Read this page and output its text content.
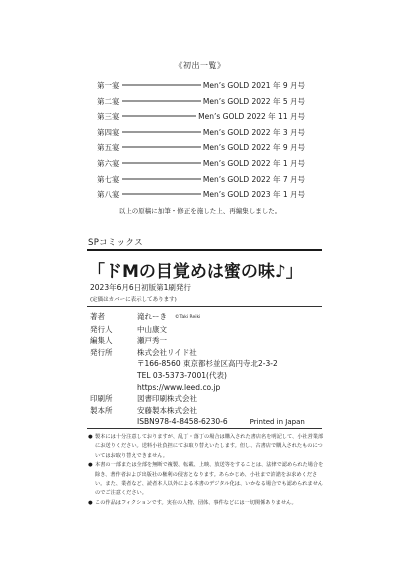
《初出一覧》
第一宴	Men’s GOLD 2021 年 9 月号
第二宴	Men’s GOLD 2022 年 5 月号
第三宴	Men’s GOLD 2022 年 11 月号
第四宴	Men’s GOLD 2022 年 3 月号
第五宴	Men’s GOLD 2022 年 9 月号
第六宴	Men’s GOLD 2022 年 1 月号
第七宴	Men’s GOLD 2022 年 7 月号
第八宴	Men’s GOLD 2023 年 1 月号
以上の原稿に加筆・修正を施した上、再編集しました。
SPコミックス
「ドMの目覚めは蜜の味♪」
2023年6月6日初版第1刷発行
(定価はカバーに表示してあります)
著者	滝れーき $^{©Taki Reiki}$
発行人	中山康文
編集人	瀬戸秀一
発行所	株式会社リイド社
〒166-8560 東京都杉並区高円寺北2-3-2
TEL 03-5373-7001(代表)
https://www.leed.co.jp
印刷所	図書印刷株式会社
製本所	安藤製本株式会社
ISBN978-4-8458-6230-6	Printed in Japan
● 製本には十分注意しておりますが、乱丁・落丁の場合は購入された書店名を明記して、小社営業部にお送りください。送料小社負担にてお取り替えいたします。但し、古書店で購入されたものについてはお取り替えできません。
● 本書の一部または全部を無断で複製、転載、上映、放送等をすることは、法律で認められた場合を除き、著作者および出版社の権利の侵害となります。あらかじめ、小社まで許諾をお求めください。また、業者など、読者本人以外による本書のデジタル化は、いかなる場合でも認められませんのでご注意ください。
● この作品はフィクションです。実在の人物、団体、事件などには一切関係ありません。
